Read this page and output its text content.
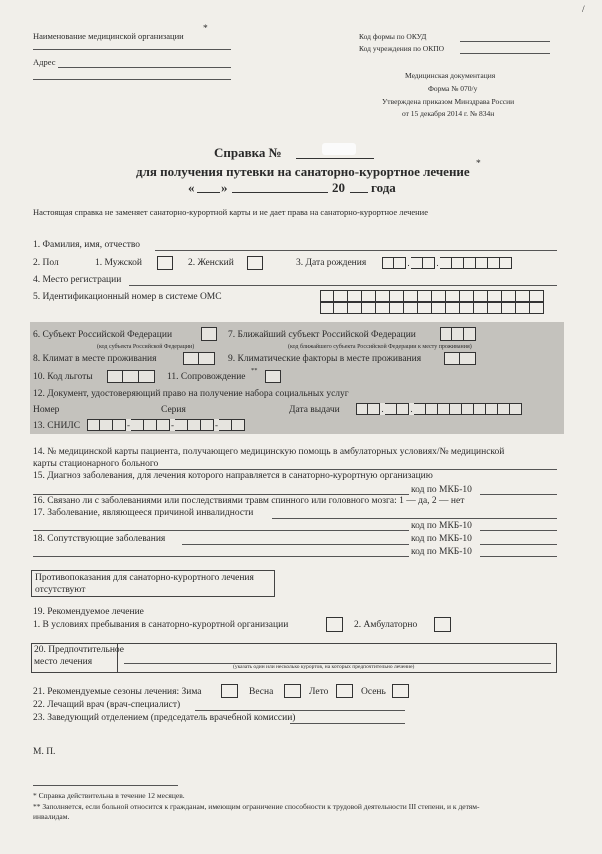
/
Наименование медицинской организации
*
Адрес
Код формы по ОКУД
Код учреждения по ОКПО
Медицинская документация
Форма № 070/у
Утверждена приказом Минздрава России
от 15 декабря 2014 г. № 834н
Справка №
для получения путевки на санаторно-курортное лечение *
« »	20 года
Настоящая справка не заменяет санаторно-курортной карты и не дает права на санаторно-курортное лечение
1. Фамилия, имя, отчество
2. Пол	1. Мужской	2. Женский	3. Дата рождения	.	.
4. Место регистрации
5. Идентификационный номер в системе ОМС
6. Субъект Российской Федерации
(код субъекта Российской Федерации)
7. Ближайший субъект Российской Федерации
(код ближайшего субъекта Российской Федерации к месту проживания)
8. Климат в месте проживания	9. Климатические факторы в месте проживания
10. Код льготы	11. Сопровождение
**
12. Документ, удостоверяющий право на получение набора социальных услуг
Номер	Серия	Дата выдачи	.	.
13. СНИЛС	-	-	-
14. № медицинской карты пациента, получающего медицинскую помощь в амбулаторных условиях/№ медицинской
карты стационарного больного
15. Диагноз заболевания, для лечения которого направляется в санаторно-курортную организацию
код по МКБ-10
16. Связано ли с заболеваниями или последствиями травм спинного или головного мозга: 1 — да, 2 — нет
17. Заболевание, являющееся причиной инвалидности
код по МКБ-10
18. Сопутствующие заболевания	код по МКБ-10
код по МКБ-10
Противопоказания для санаторно-курортного лечения
отсутствуют
19. Рекомендуемое лечение
1. В условиях пребывания в санаторно-курортной организации	2. Амбулаторно
20. Предпочтительное
место лечения	(указать один или несколько курортов, на которых предпочтительно лечение)
21. Рекомендуемые сезоны лечения: Зима	Весна	Лето	Осень
22. Лечащий врач (врач-специалист)
23. Заведующий отделением (председатель врачебной комиссии)
М. П.
* Справка действительна в течение 12 месяцев.
** Заполняется, если больной относится к гражданам, имеющим ограничение способности к трудовой деятельности III степени, и к детям-
инвалидам.
